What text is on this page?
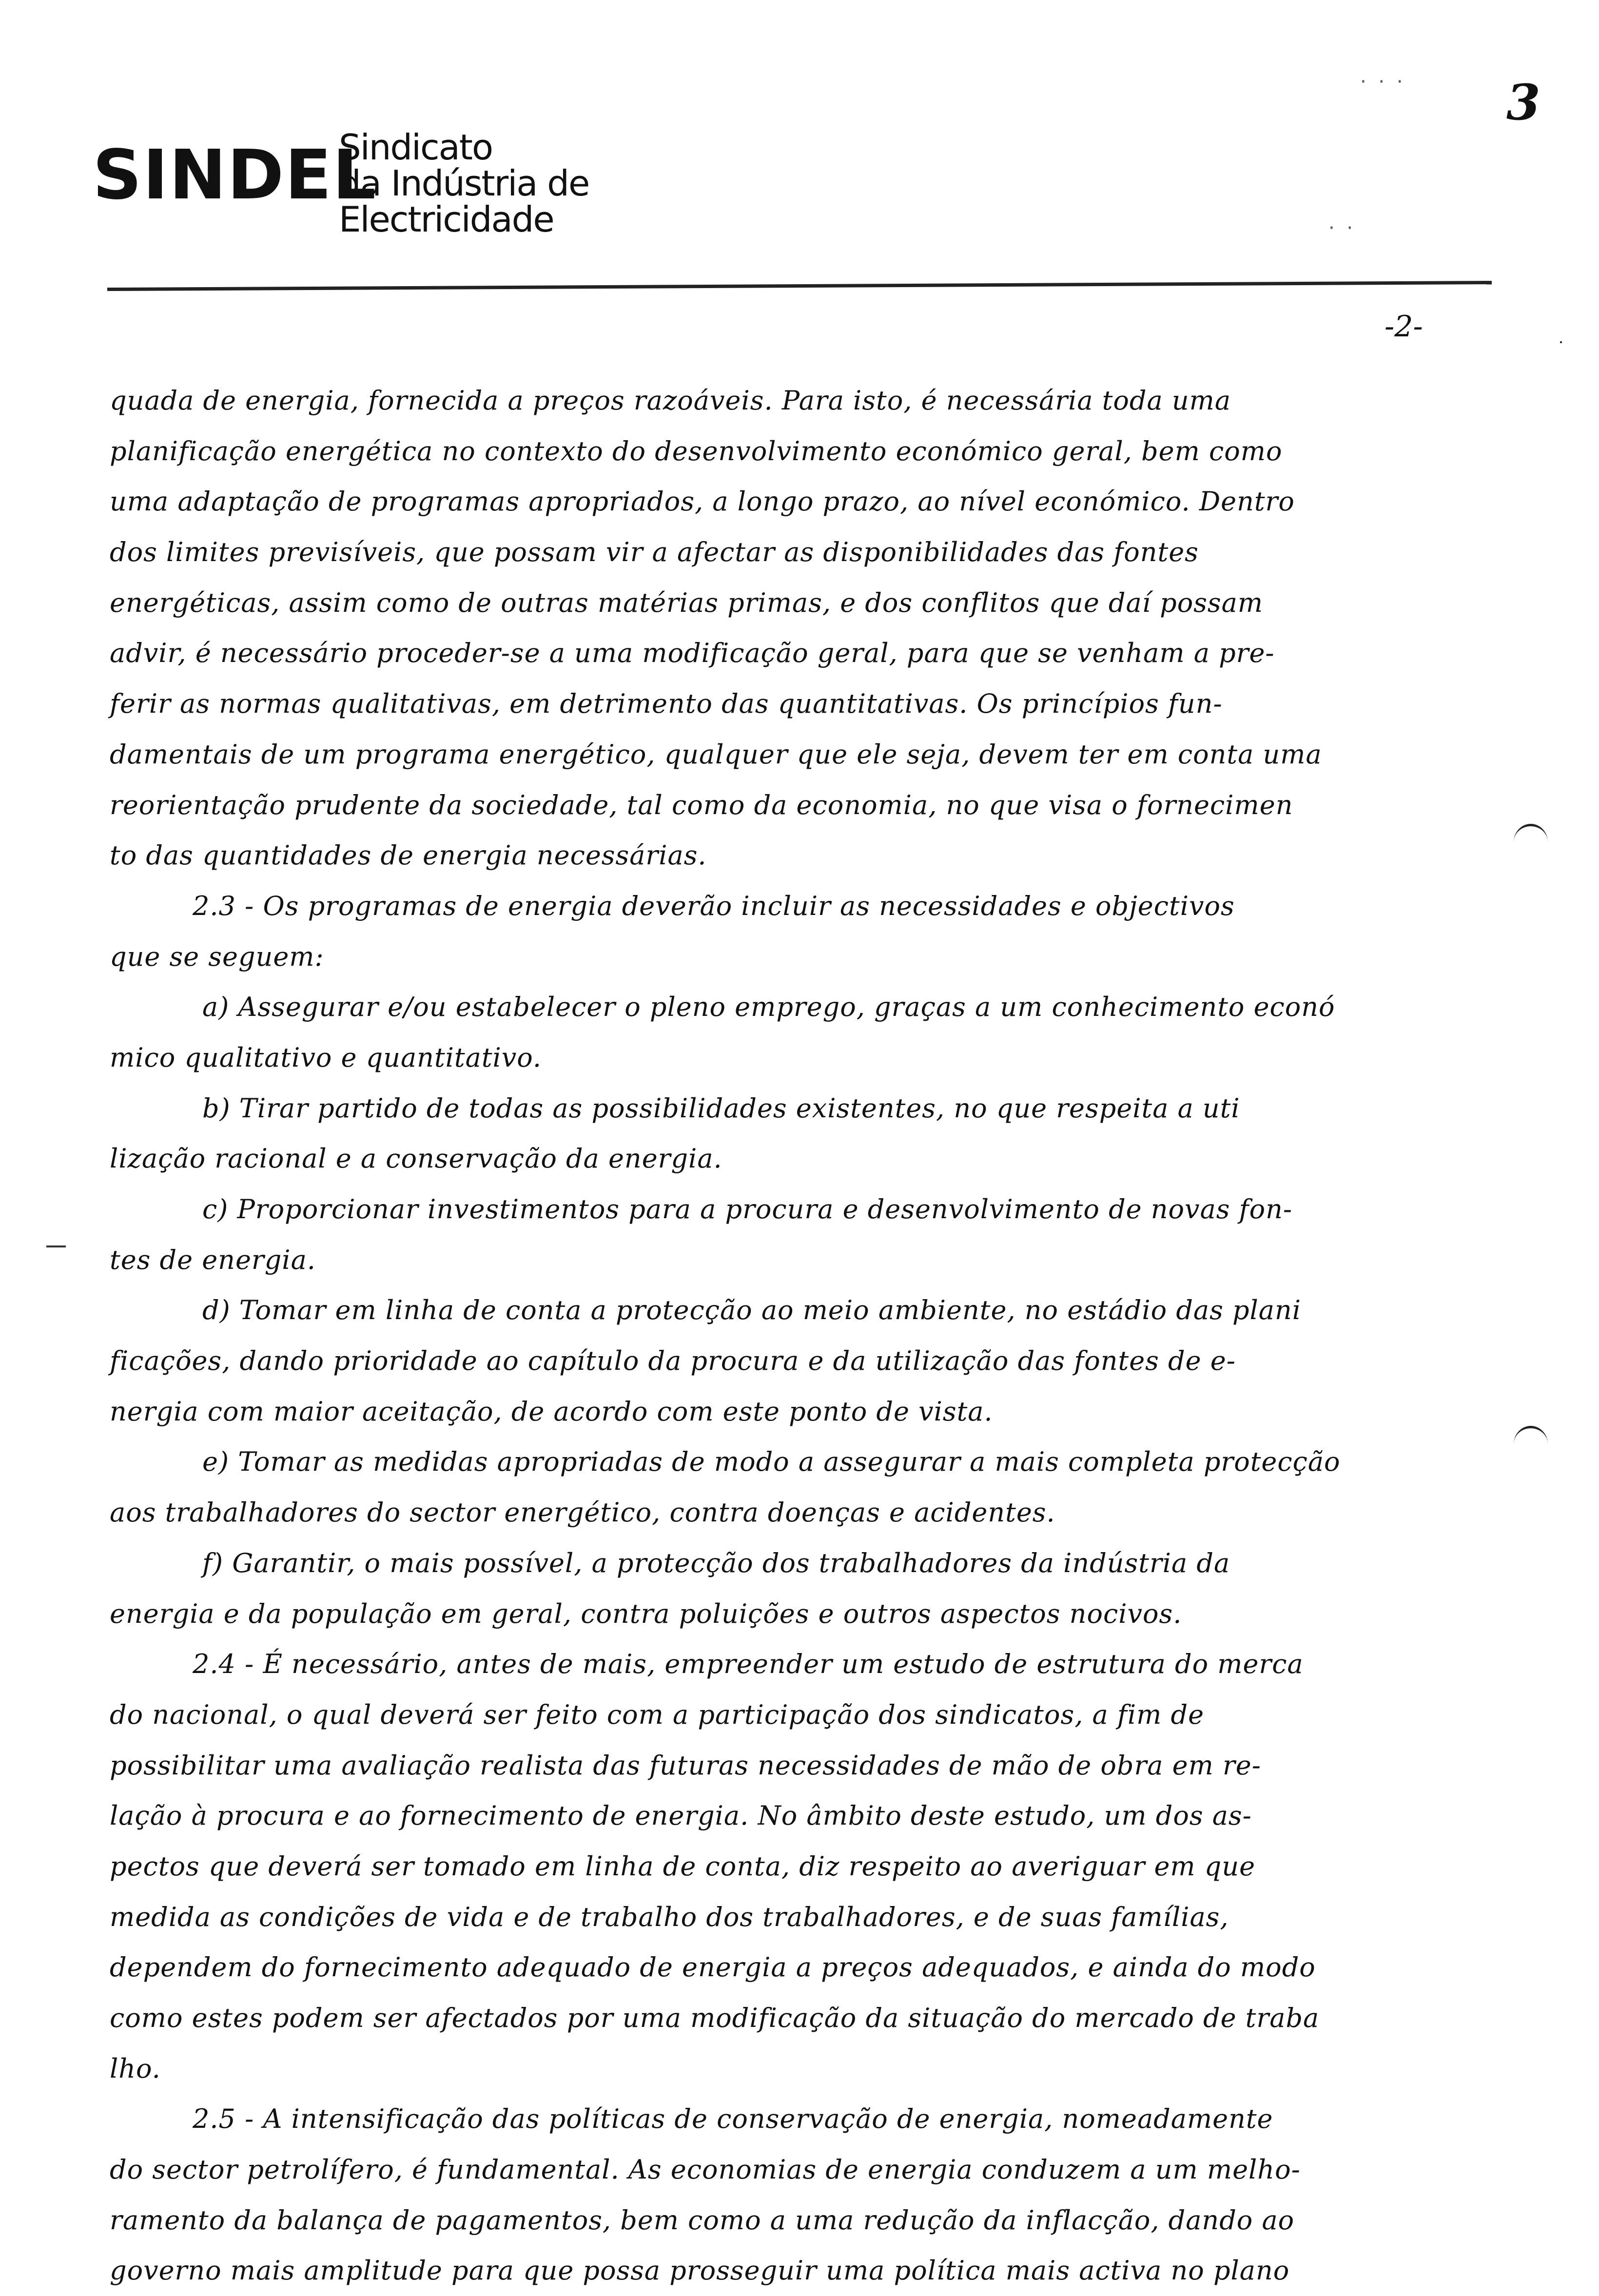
SINDEL
Sindicato
da Indústria de
Electricidade
3
-2-
quada de energia, fornecida a preços razoáveis. Para isto, é necessária toda uma
planificação energética no contexto do desenvolvimento económico geral, bem como
uma adaptação de programas apropriados, a longo prazo, ao nível económico. Dentro
dos limites previsíveis, que possam vir a afectar as disponibilidades das fontes
energéticas, assim como de outras matérias primas, e dos conflitos que daí possam
advir, é necessário proceder-se a uma modificação geral, para que se venham a pre-
ferir as normas qualitativas, em detrimento das quantitativas. Os princípios fun-
damentais de um programa energético, qualquer que ele seja, devem ter em conta uma
reorientação prudente da sociedade, tal como da economia, no que visa o fornecimen
to das quantidades de energia necessárias.
2.3 - Os programas de energia deverão incluir as necessidades e objectivos
que se seguem:
a) Assegurar e/ou estabelecer o pleno emprego, graças a um conhecimento econó
mico qualitativo e quantitativo.
b) Tirar partido de todas as possibilidades existentes, no que respeita a uti
lização racional e a conservação da energia.
c) Proporcionar investimentos para a procura e desenvolvimento de novas fon-
tes de energia.
d) Tomar em linha de conta a protecção ao meio ambiente, no estádio das plani
ficações, dando prioridade ao capítulo da procura e da utilização das fontes de e-
nergia com maior aceitação, de acordo com este ponto de vista.
e) Tomar as medidas apropriadas de modo a assegurar a mais completa protecção
aos trabalhadores do sector energético, contra doenças e acidentes.
f) Garantir, o mais possível, a protecção dos trabalhadores da indústria da
energia e da população em geral, contra poluições e outros aspectos nocivos.
2.4 - É necessário, antes de mais, empreender um estudo de estrutura do merca
do nacional, o qual deverá ser feito com a participação dos sindicatos, a fim de
possibilitar uma avaliação realista das futuras necessidades de mão de obra em re-
lação à procura e ao fornecimento de energia. No âmbito deste estudo, um dos as-
pectos que deverá ser tomado em linha de conta, diz respeito ao averiguar em que
medida as condições de vida e de trabalho dos trabalhadores, e de suas famílias,
dependem do fornecimento adequado de energia a preços adequados, e ainda do modo
como estes podem ser afectados por uma modificação da situação do mercado de traba
lho.
2.5 - A intensificação das políticas de conservação de energia, nomeadamente
do sector petrolífero, é fundamental. As economias de energia conduzem a um melho-
ramento da balança de pagamentos, bem como a uma redução da inflacção, dando ao
governo mais amplitude para que possa prosseguir uma política mais activa no plano
· · ·
· ·
